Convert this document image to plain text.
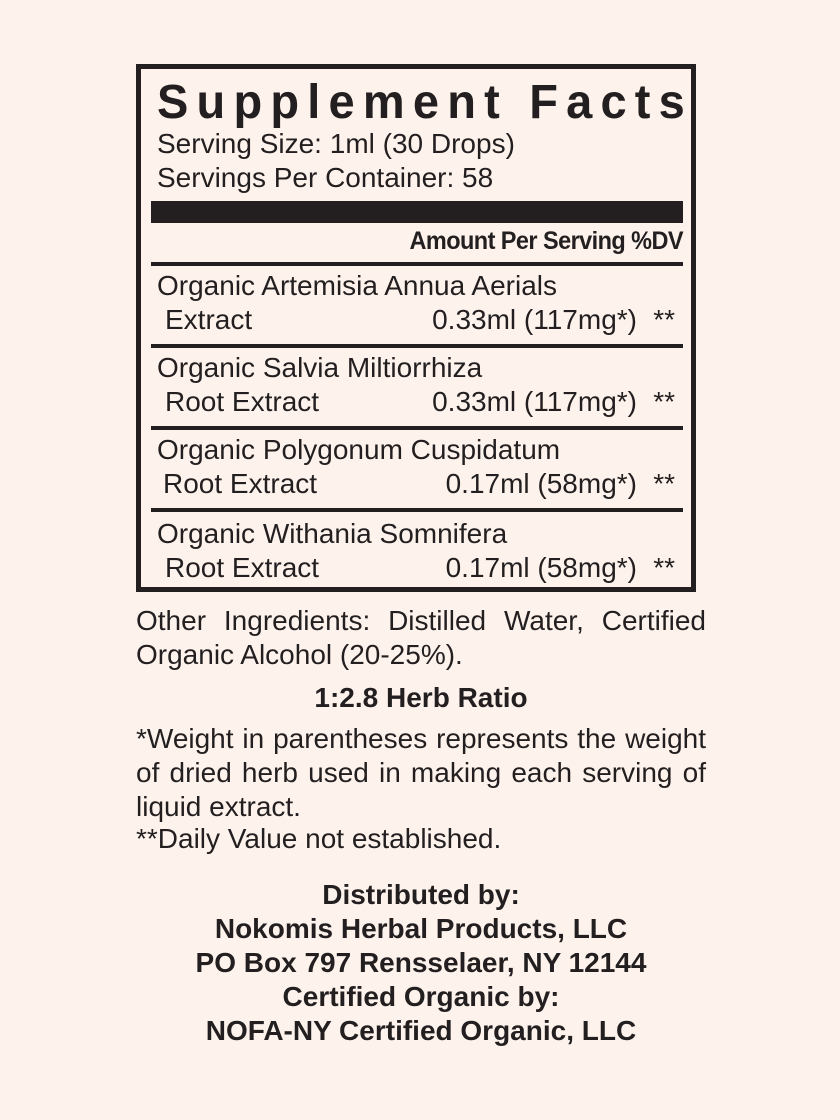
Supplement Facts
Serving Size: 1ml (30 Drops)
Servings Per Container: 58
Amount Per Serving %DV
Organic Artemisia Annua Aerials
Extract	0.33ml (117mg*) **
Organic Salvia Miltiorrhiza
Root Extract	0.33ml (117mg*) **
Organic Polygonum Cuspidatum
Root Extract	0.17ml (58mg*) **
Organic Withania Somnifera
Root Extract	0.17ml (58mg*) **
Other Ingredients: Distilled Water, Certified Organic Alcohol (20-25%).
1:2.8 Herb Ratio
*Weight in parentheses represents the weight of dried herb used in making each serving of liquid extract.
**Daily Value not established.
Distributed by:
Nokomis Herbal Products, LLC
PO Box 797 Rensselaer, NY 12144
Certified Organic by:
NOFA-NY Certified Organic, LLC
